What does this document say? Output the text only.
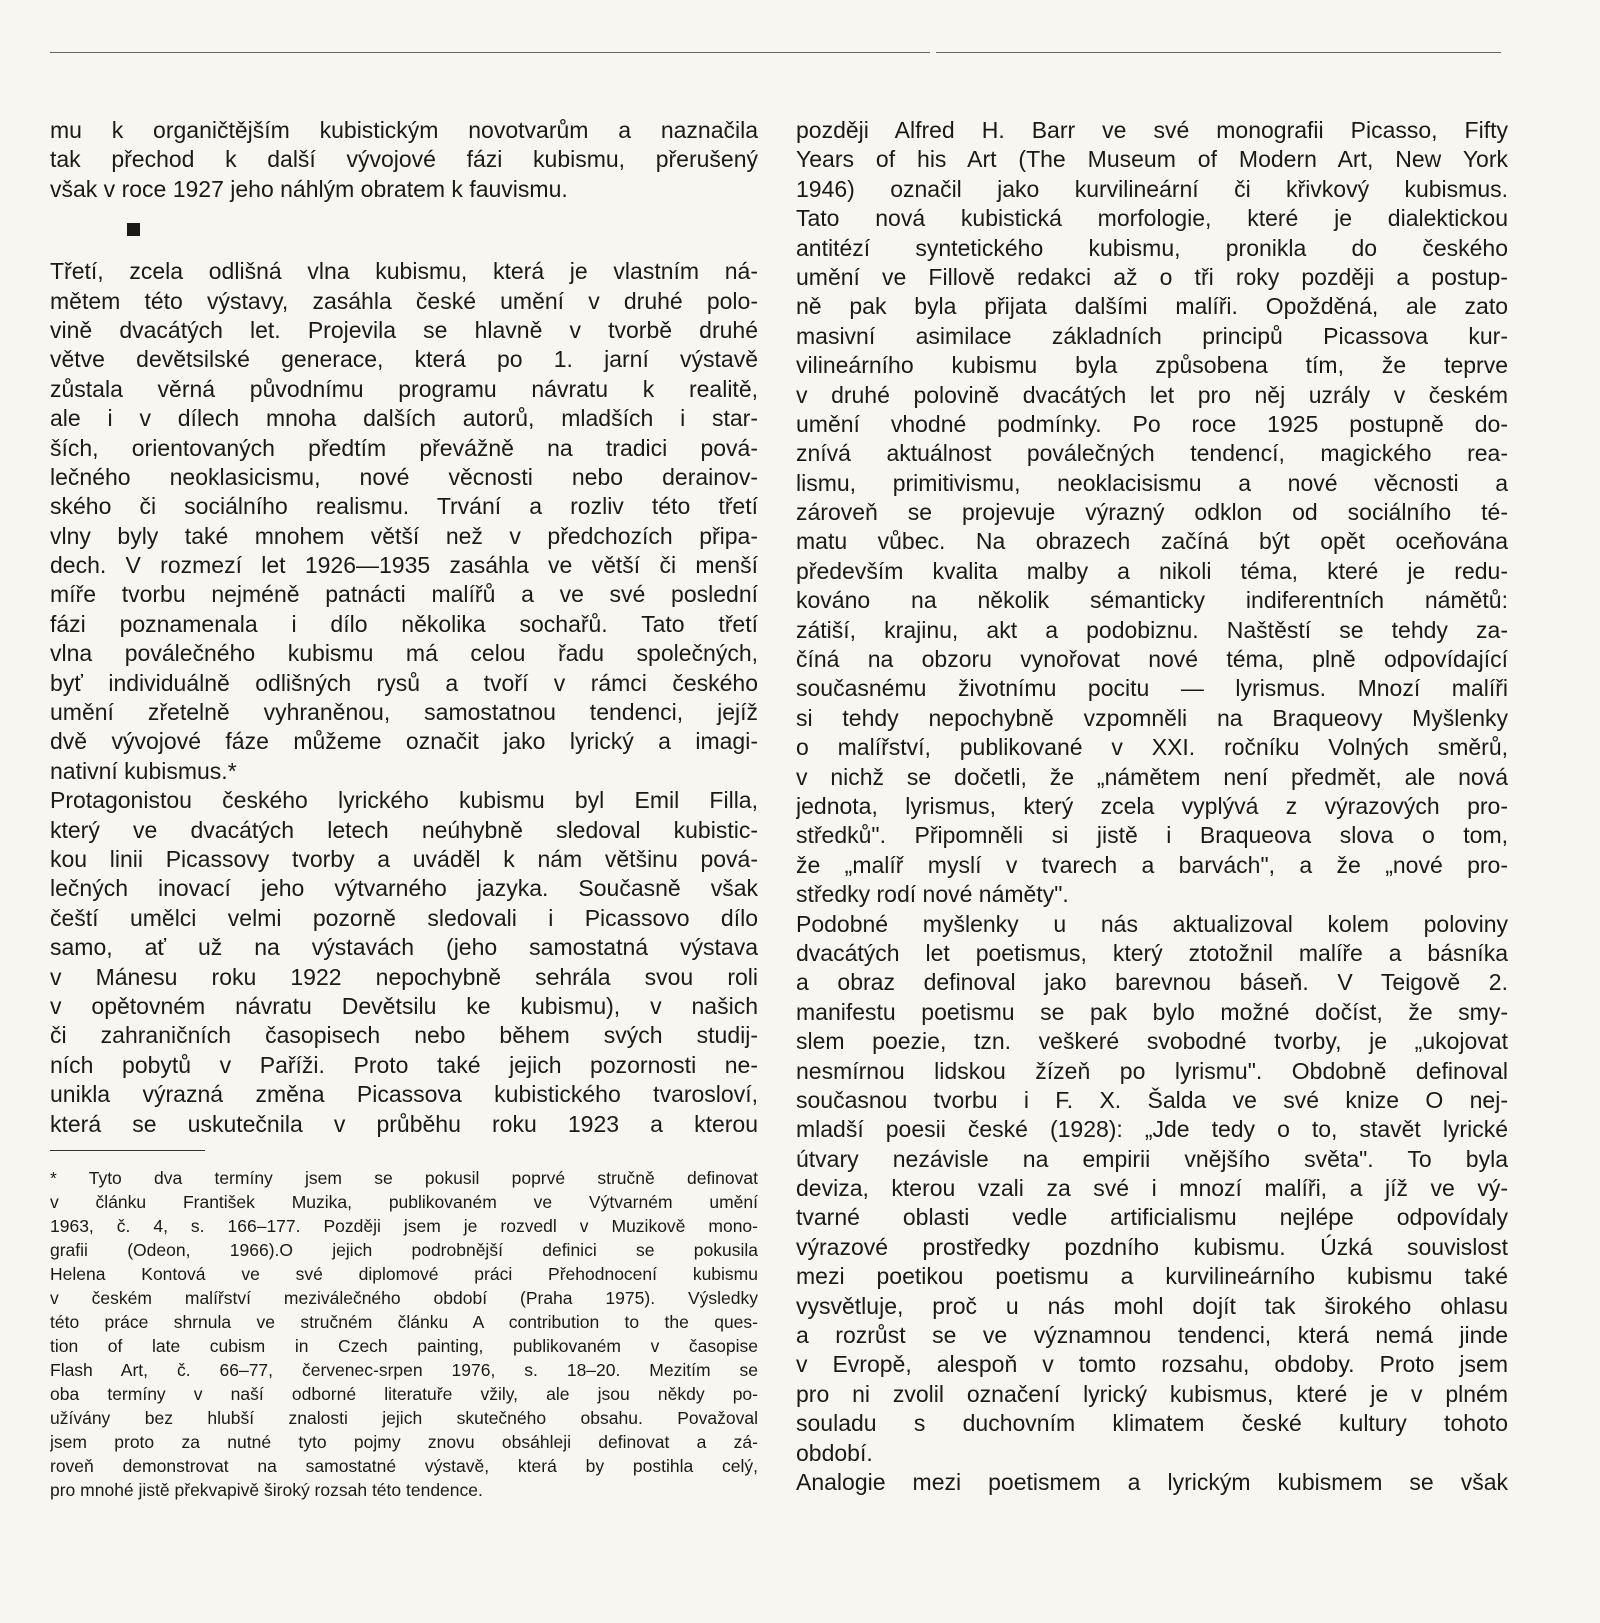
mu k organičtějším kubistickým novotvarům a naznačila
tak přechod k další vývojové fázi kubismu, přerušený
však v roce 1927 jeho náhlým obratem k fauvismu.
Třetí, zcela odlišná vlna kubismu, která je vlastním ná-
mětem této výstavy, zasáhla české umění v druhé polo-
vině dvacátých let. Projevila se hlavně v tvorbě druhé
větve devětsilské generace, která po 1. jarní výstavě
zůstala věrná původnímu programu návratu k realitě,
ale i v dílech mnoha dalších autorů, mladších i star-
ších, orientovaných předtím převážně na tradici pová-
lečného neoklasicismu, nové věcnosti nebo derainov-
ského či sociálního realismu. Trvání a rozliv této třetí
vlny byly také mnohem větší než v předchozích připa-
dech. V rozmezí let 1926—1935 zasáhla ve větší či menší
míře tvorbu nejméně patnácti malířů a ve své poslední
fázi poznamenala i dílo několika sochařů. Tato třetí
vlna poválečného kubismu má celou řadu společných,
byť individuálně odlišných rysů a tvoří v rámci českého
umění zřetelně vyhraněnou, samostatnou tendenci, jejíž
dvě vývojové fáze můžeme označit jako lyrický a imagi-
nativní kubismus.*
Protagonistou českého lyrického kubismu byl Emil Filla,
který ve dvacátých letech neúhybně sledoval kubistic-
kou linii Picassovy tvorby a uváděl k nám většinu pová-
lečných inovací jeho výtvarného jazyka. Současně však
čeští umělci velmi pozorně sledovali i Picassovo dílo
samo, ať už na výstavách (jeho samostatná výstava
v Mánesu roku 1922 nepochybně sehrála svou roli
v opětovném návratu Devětsilu ke kubismu), v našich
či zahraničních časopisech nebo během svých studij-
ních pobytů v Paříži. Proto také jejich pozornosti ne-
unikla výrazná změna Picassova kubistického tvarosloví,
která se uskutečnila v průběhu roku 1923 a kterou
* Tyto dva termíny jsem se pokusil poprvé stručně definovat
v článku František Muzika, publikovaném ve Výtvarném umění
1963, č. 4, s. 166–177. Později jsem je rozvedl v Muzikově mono-
grafii (Odeon, 1966).O jejich podrobnější definici se pokusila
Helena Kontová ve své diplomové práci Přehodnocení kubismu
v českém malířství meziválečného období (Praha 1975). Výsledky
této práce shrnula ve stručném článku A contribution to the ques-
tion of late cubism in Czech painting, publikovaném v časopise
Flash Art, č. 66–77, červenec-srpen 1976, s. 18–20. Mezitím se
oba termíny v naší odborné literatuře vžily, ale jsou někdy po-
užívány bez hlubší znalosti jejich skutečného obsahu. Považoval
jsem proto za nutné tyto pojmy znovu obsáhleji definovat a zá-
roveň demonstrovat na samostatné výstavě, která by postihla celý,
pro mnohé jistě překvapivě široký rozsah této tendence.
později Alfred H. Barr ve své monografii Picasso, Fifty
Years of his Art (The Museum of Modern Art, New York
1946) označil jako kurvilineární či křivkový kubismus.
Tato nová kubistická morfologie, které je dialektickou
antitézí syntetického kubismu, pronikla do českého
umění ve Fillově redakci až o tři roky později a postup-
ně pak byla přijata dalšími malíři. Opožděná, ale zato
masivní asimilace základních principů Picassova kur-
vilineárního kubismu byla způsobena tím, že teprve
v druhé polovině dvacátých let pro něj uzrály v českém
umění vhodné podmínky. Po roce 1925 postupně do-
znívá aktuálnost poválečných tendencí, magického rea-
lismu, primitivismu, neoklacisismu a nové věcnosti a
zároveň se projevuje výrazný odklon od sociálního té-
matu vůbec. Na obrazech začíná být opět oceňována
především kvalita malby a nikoli téma, které je redu-
kováno na několik sémanticky indiferentních námětů:
zátiší, krajinu, akt a podobiznu. Naštěstí se tehdy za-
číná na obzoru vynořovat nové téma, plně odpovídající
současnému životnímu pocitu — lyrismus. Mnozí malíři
si tehdy nepochybně vzpomněli na Braqueovy Myšlenky
o malířství, publikované v XXI. ročníku Volných směrů,
v nichž se dočetli, že „námětem není předmět, ale nová
jednota, lyrismus, který zcela vyplývá z výrazových pro-
středků". Připomněli si jistě i Braqueova slova o tom,
že „malíř myslí v tvarech a barvách", a že „nové pro-
středky rodí nové náměty".
Podobné myšlenky u nás aktualizoval kolem poloviny
dvacátých let poetismus, který ztotožnil malíře a básníka
a obraz definoval jako barevnou báseň. V Teigově 2.
manifestu poetismu se pak bylo možné dočíst, že smy-
slem poezie, tzn. veškeré svobodné tvorby, je „ukojovat
nesmírnou lidskou žízeň po lyrismu". Obdobně definoval
současnou tvorbu i F. X. Šalda ve své knize O nej-
mladší poesii české (1928): „Jde tedy o to, stavět lyrické
útvary nezávisle na empirii vnějšího světa". To byla
deviza, kterou vzali za své i mnozí malíři, a jíž ve vý-
tvarné oblasti vedle artificialismu nejlépe odpovídaly
výrazové prostředky pozdního kubismu. Úzká souvislost
mezi poetikou poetismu a kurvilineárního kubismu také
vysvětluje, proč u nás mohl dojít tak širokého ohlasu
a rozrůst se ve významnou tendenci, která nemá jinde
v Evropě, alespoň v tomto rozsahu, obdoby. Proto jsem
pro ni zvolil označení lyrický kubismus, které je v plném
souladu s duchovním klimatem české kultury tohoto
období.
Analogie mezi poetismem a lyrickým kubismem se však
